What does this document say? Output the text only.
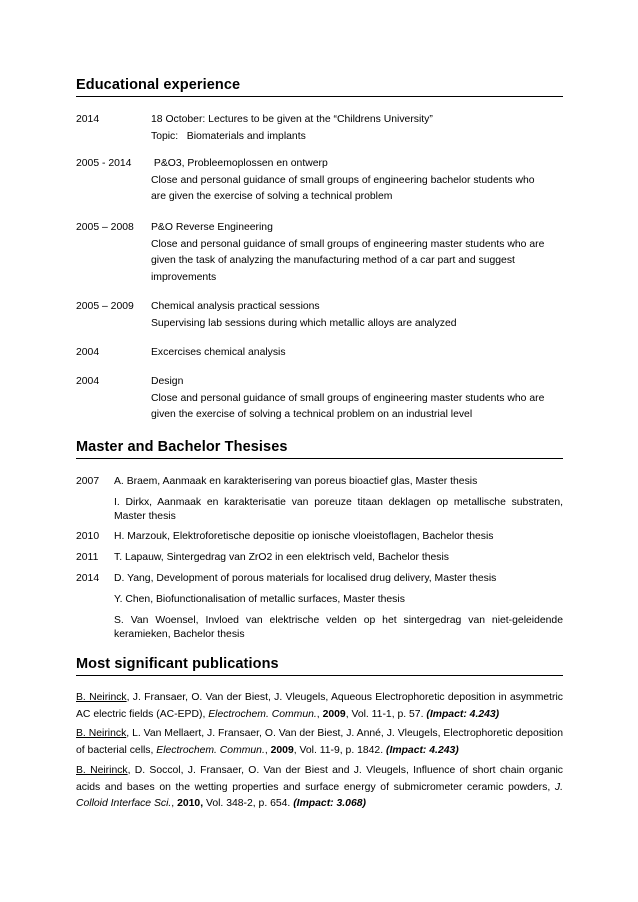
Educational experience
2014	18 October: Lectures to be given at the “Childrens University”
Topic:   Biomaterials and implants
2005 - 2014	P&O3, Probleemoplossen en ontwerp
Close and personal guidance of small groups of engineering bachelor students who
are given the exercise of solving a technical problem
2005 – 2008	P&O Reverse Engineering
Close and personal guidance of small groups of engineering master students who are
given the task of analyzing the manufacturing method of a car part and suggest
improvements
2005 – 2009	Chemical analysis practical sessions
Supervising lab sessions during which metallic alloys are analyzed
2004	Excercises chemical analysis
2004	Design
Close and personal guidance of small groups of engineering master students who are
given the exercise of solving a technical problem on an industrial level
Master and Bachelor Thesises
2007	A. Braem, Aanmaak en karakterisering van poreus bioactief glas, Master thesis
I. Dirkx, Aanmaak en karakterisatie van poreuze titaan deklagen op metallische substraten, Master thesis
2010	H. Marzouk, Elektroforetische depositie op ionische vloeistoflagen, Bachelor thesis
2011	T. Lapauw, Sintergedrag van ZrO2 in een elektrisch veld, Bachelor thesis
2014	D. Yang, Development of porous materials for localised drug delivery, Master thesis
Y. Chen, Biofunctionalisation of metallic surfaces, Master thesis
S. Van Woensel, Invloed van elektrische velden op het sintergedrag van niet-geleidende keramieken, Bachelor thesis
Most significant publications
B. Neirinck, J. Fransaer, O. Van der Biest, J. Vleugels, Aqueous Electrophoretic deposition in asymmetric AC electric fields (AC-EPD), Electrochem. Commun., 2009, Vol. 11-1, p. 57. (Impact: 4.243)
B. Neirinck, L. Van Mellaert, J. Fransaer, O. Van der Biest, J. Anné, J. Vleugels, Electrophoretic deposition of bacterial cells, Electrochem. Commun., 2009, Vol. 11-9, p. 1842. (Impact: 4.243)
B. Neirinck, D. Soccol, J. Fransaer, O. Van der Biest and J. Vleugels, Influence of short chain organic acids and bases on the wetting properties and surface energy of submicrometer ceramic powders, J. Colloid Interface Sci., 2010, Vol. 348-2, p. 654. (Impact: 3.068)
